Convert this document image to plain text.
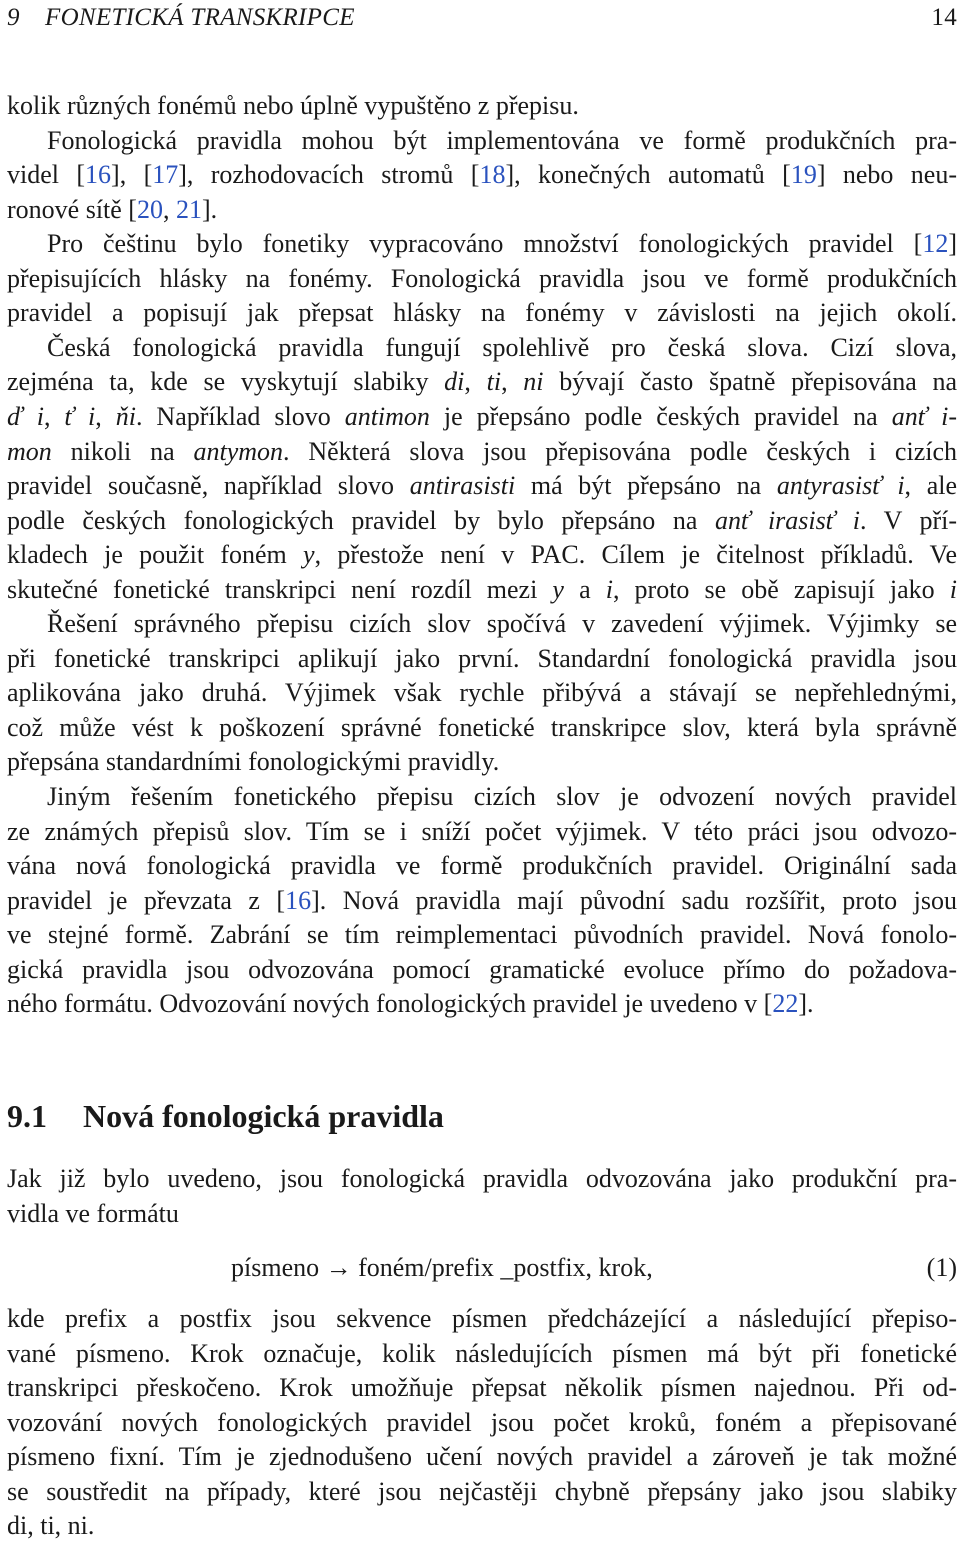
9 FONETICKÁ TRANSKRIPCE	14
kolik různých fonémů nebo úplně vypuštěno z přepisu.
Fonologická pravidla mohou být implementována ve formě produkčních pra-
videl [16], [17], rozhodovacích stromů [18], konečných automatů [19] nebo neu-
ronové sítě [20, 21].
Pro češtinu bylo fonetiky vypracováno množství fonologických pravidel [12]
přepisujících hlásky na fonémy. Fonologická pravidla jsou ve formě produkčních
pravidel a popisují jak přepsat hlásky na fonémy v závislosti na jejich okolí.
Česká fonologická pravidla fungují spolehlivě pro česká slova. Cizí slova,
zejména ta, kde se vyskytují slabiky di, ti, ni bývají často špatně přepisována na
ď i, ť i, ňi. Například slovo antimon je přepsáno podle českých pravidel na anť i-
mon nikoli na antymon. Některá slova jsou přepisována podle českých i cizích
pravidel současně, například slovo antirasisti má být přepsáno na antyrasisť i, ale
podle českých fonologických pravidel by bylo přepsáno na anť irasisť i. V pří-
kladech je použit foném y, přestože není v PAC. Cílem je čitelnost příkladů. Ve
skutečné fonetické transkripci není rozdíl mezi y a i, proto se obě zapisují jako i
Řešení správného přepisu cizích slov spočívá v zavedení výjimek. Výjimky se
při fonetické transkripci aplikují jako první. Standardní fonologická pravidla jsou
aplikována jako druhá. Výjimek však rychle přibývá a stávají se nepřehlednými,
což může vést k poškození správné fonetické transkripce slov, která byla správně
přepsána standardními fonologickými pravidly.
Jiným řešením fonetického přepisu cizích slov je odvození nových pravidel
ze známých přepisů slov. Tím se i sníží počet výjimek. V této práci jsou odvozo-
vána nová fonologická pravidla ve formě produkčních pravidel. Originální sada
pravidel je převzata z [16]. Nová pravidla mají původní sadu rozšířit, proto jsou
ve stejné formě. Zabrání se tím reimplementaci původních pravidel. Nová fonolo-
gická pravidla jsou odvozována pomocí gramatické evoluce přímo do požadova-
ného formátu. Odvozování nových fonologických pravidel je uvedeno v [22].
9.1 Nová fonologická pravidla
Jak již bylo uvedeno, jsou fonologická pravidla odvozována jako produkční pra-
vidla ve formátu
písmeno → foném/prefix _postfix, krok,	(1)
kde prefix a postfix jsou sekvence písmen předcházející a následující přepiso-
vané písmeno. Krok označuje, kolik následujících písmen má být při fonetické
transkripci přeskočeno. Krok umožňuje přepsat několik písmen najednou. Při od-
vozování nových fonologických pravidel jsou počet kroků, foném a přepisované
písmeno fixní. Tím je zjednodušeno učení nových pravidel a zároveň je tak možné
se soustředit na případy, které jsou nejčastěji chybně přepsány jako jsou slabiky
di, ti, ni.
